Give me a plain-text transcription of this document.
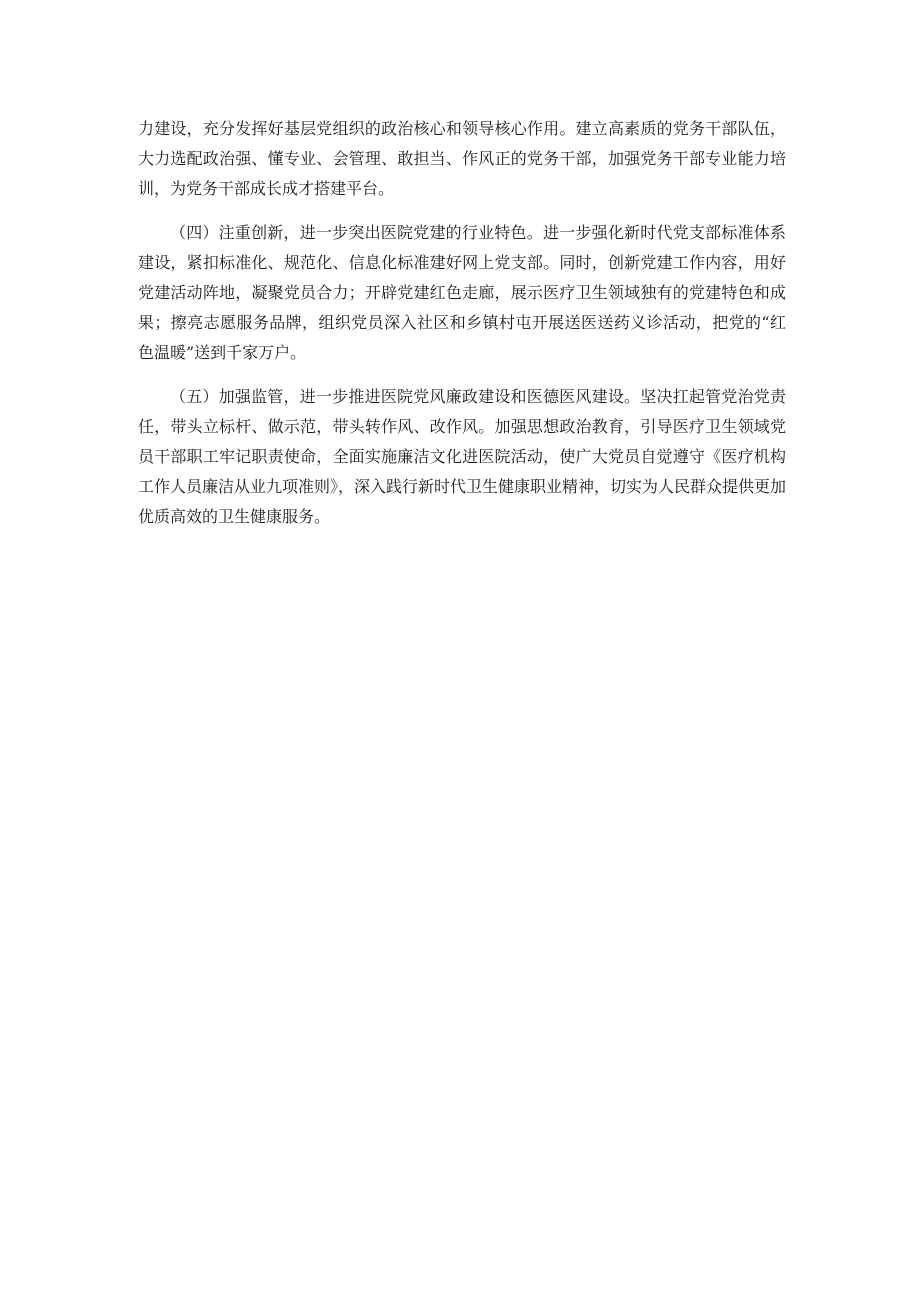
力建设，充分发挥好基层党组织的政治核心和领导核心作用。建立高素质的党务干部队伍，大力选配政治强、懂专业、会管理、敢担当、作风正的党务干部，加强党务干部专业能力培训，为党务干部成长成才搭建平台。

（四）注重创新，进一步突出医院党建的行业特色。进一步强化新时代党支部标准体系建设，紧扣标准化、规范化、信息化标准建好网上党支部。同时，创新党建工作内容，用好党建活动阵地，凝聚党员合力；开辟党建红色走廊，展示医疗卫生领域独有的党建特色和成果；擦亮志愿服务品牌，组织党员深入社区和乡镇村屯开展送医送药义诊活动，把党的“红色温暖”送到千家万户。

（五）加强监管，进一步推进医院党风廉政建设和医德医风建设。坚决扛起管党治党责任，带头立标杆、做示范，带头转作风、改作风。加强思想政治教育，引导医疗卫生领域党员干部职工牢记职责使命，全面实施廉洁文化进医院活动，使广大党员自觉遵守《医疗机构工作人员廉洁从业九项准则》，深入践行新时代卫生健康职业精神，切实为人民群众提供更加优质高效的卫生健康服务。
